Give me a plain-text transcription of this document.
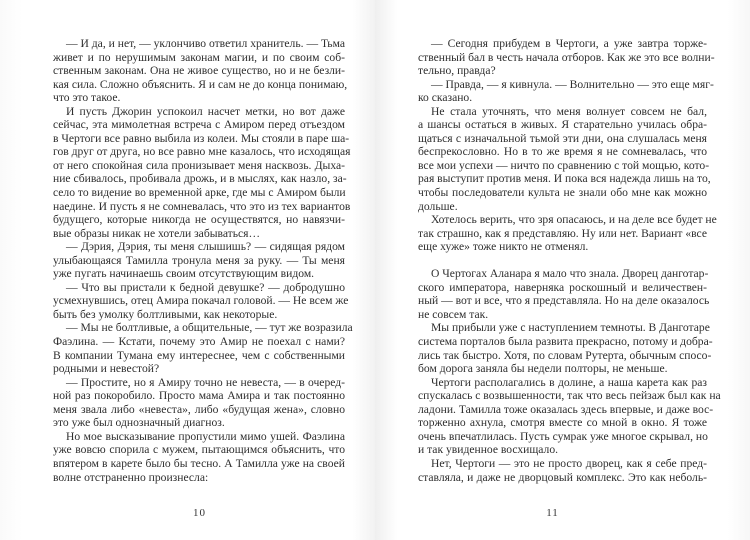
— И да, и нет, — уклончиво ответил хранитель. — Тьма
живет и по нерушимым законам магии, и по своим соб-
ственным законам. Она не живое существо, но и не безли-
кая сила. Сложно объяснить. Я и сам не до конца понимаю,
что это такое.
И пусть Джорин успокоил насчет метки, но вот даже
сейчас, эта мимолетная встреча с Амиром перед отъездом
в Чертоги все равно выбила из колеи. Мы стояли в паре ша-
гов друг от друга, но все равно мне казалось, что исходящая
от него спокойная сила пронизывает меня насквозь. Дыха-
ние сбивалось, пробивала дрожь, и в мыслях, как назло, за-
село то видение во временной арке, где мы с Амиром были
наедине. И пусть я не сомневалась, что это из тех вариантов
будущего, которые никогда не осуществятся, но навязчи-
вые образы никак не хотели забываться…
— Дэрия, Дэрия, ты меня слышишь? — сидящая рядом
улыбающаяся Тамилла тронула меня за руку. — Ты меня
уже пугать начинаешь своим отсутствующим видом.
— Что вы пристали к бедной девушке? — добродушно
усмехнувшись, отец Амира покачал головой. — Не всем же
быть без умолку болтливыми, как некоторые.
— Мы не болтливые, а общительные, — тут же возразила
Фаэлина. — Кстати, почему это Амир не поехал с нами?
В компании Тумана ему интереснее, чем с собственными
родными и невестой?
— Простите, но я Амиру точно не невеста, — в очеред-
ной раз покоробило. Просто мама Амира и так постоянно
меня звала либо «невеста», либо «будущая жена», словно
это уже был однозначный диагноз.
Но мое высказывание пропустили мимо ушей. Фаэлина
уже вовсю спорила с мужем, пытающимся объяснить, что
впятером в карете было бы тесно. А Тамилла уже на своей
волне отстраненно произнесла:
10
— Сегодня прибудем в Чертоги, а уже завтра торже-
ственный бал в честь начала отборов. Как же это все волни-
тельно, правда?
— Правда, — я кивнула. — Волнительно — это еще мяг-
ко сказано.
Не стала уточнять, что меня волнует совсем не бал,
а шансы остаться в живых. Я старательно училась обра-
щаться с изначальной тьмой эти дни, она слушалась меня
беспрекословно. Но в то же время я не сомневалась, что
все мои успехи — ничто по сравнению с той мощью, кото-
рая выступит против меня. И пока вся надежда лишь на то,
чтобы последователи культа не знали обо мне как можно
дольше.
Хотелось верить, что зря опасаюсь, и на деле все будет не
так страшно, как я представляю. Ну или нет. Вариант «все
еще хуже» тоже никто не отменял.
О Чертогах Аланара я мало что знала. Дворец данготар-
ского императора, наверняка роскошный и величествен-
ный — вот и все, что я представляла. Но на деле оказалось
не совсем так.
Мы прибыли уже с наступлением темноты. В Данготаре
система порталов была развита прекрасно, потому и добра-
лись так быстро. Хотя, по словам Рутерта, обычным спосо-
бом дорога заняла бы недели полторы, не меньше.
Чертоги располагались в долине, а наша карета как раз
спускалась с возвышенности, так что весь пейзаж был как на
ладони. Тамилла тоже оказалась здесь впервые, и даже вос-
торженно ахнула, смотря вместе со мной в окно. Я тоже
очень впечатлилась. Пусть сумрак уже многое скрывал, но
и так увиденное восхищало.
Нет, Чертоги — это не просто дворец, как я себе пред-
ставляла, и даже не дворцовый комплекс. Это как неболь-
11
